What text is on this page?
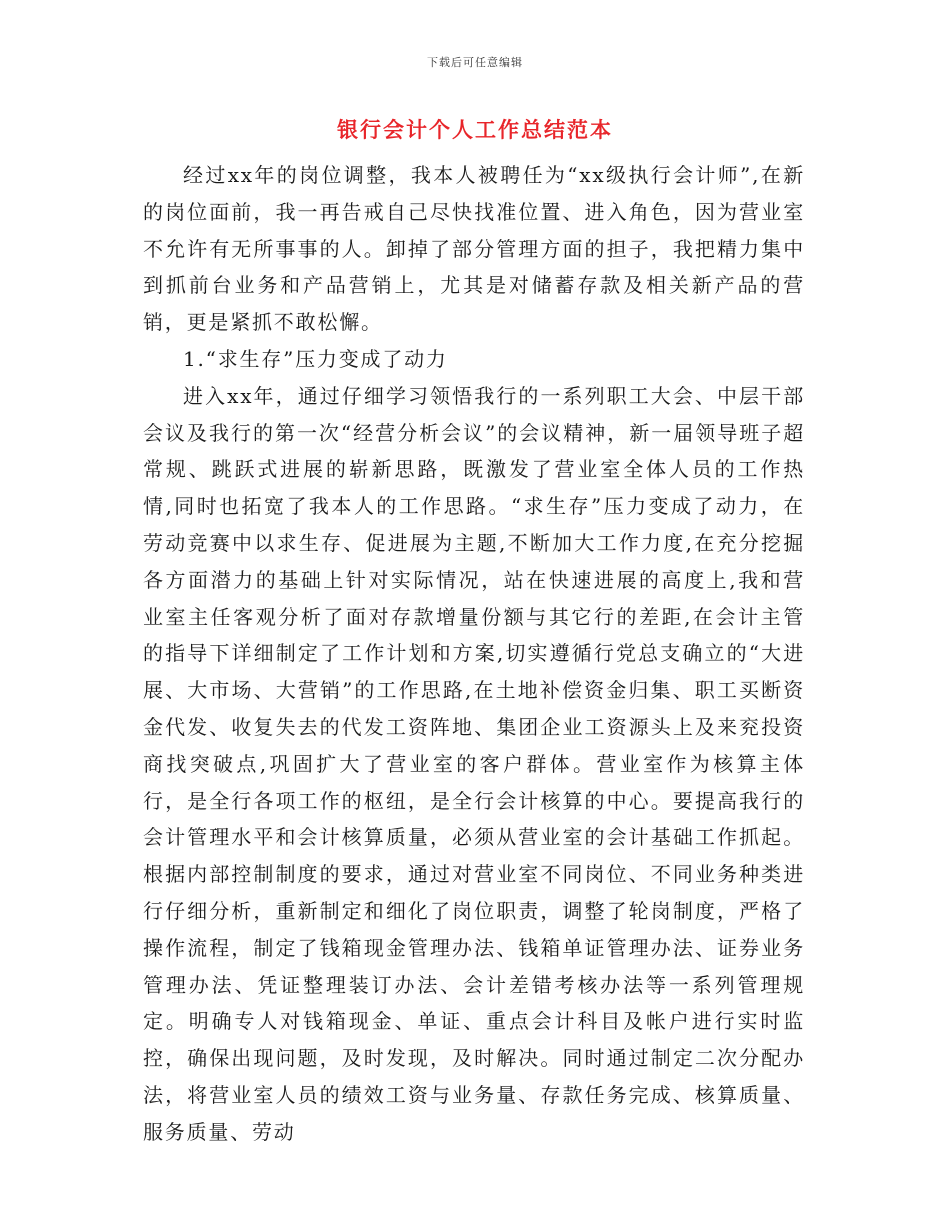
下载后可任意编辑
银行会计个人工作总结范本

经过xx年的岗位调整，我本人被聘任为“xx级执行会计师”,在新的岗位面前，我一再告戒自己尽快找准位置、进入角色，因为营业室不允许有无所事事的人。卸掉了部分管理方面的担子，我把精力集中到抓前台业务和产品营销上，尤其是对储蓄存款及相关新产品的营销，更是紧抓不敢松懈。

1.“求生存”压力变成了动力

进入xx年，通过仔细学习领悟我行的一系列职工大会、中层干部会议及我行的第一次“经营分析会议”的会议精神，新一届领导班子超常规、跳跃式进展的崭新思路，既激发了营业室全体人员的工作热情,同时也拓宽了我本人的工作思路。“求生存”压力变成了动力，在劳动竞赛中以求生存、促进展为主题,不断加大工作力度,在充分挖掘各方面潜力的基础上针对实际情况，站在快速进展的高度上,我和营业室主任客观分析了面对存款增量份额与其它行的差距,在会计主管的指导下详细制定了工作计划和方案,切实遵循行党总支确立的“大进展、大市场、大营销”的工作思路,在土地补偿资金归集、职工买断资金代发、收复失去的代发工资阵地、集团企业工资源头上及来兖投资商找突破点,巩固扩大了营业室的客户群体。营业室作为核算主体行，是全行各项工作的枢纽，是全行会计核算的中心。要提高我行的会计管理水平和会计核算质量，必须从营业室的会计基础工作抓起。根据内部控制制度的要求，通过对营业室不同岗位、不同业务种类进行仔细分析，重新制定和细化了岗位职责，调整了轮岗制度，严格了操作流程，制定了钱箱现金管理办法、钱箱单证管理办法、证券业务管理办法、凭证整理装订办法、会计差错考核办法等一系列管理规定。明确专人对钱箱现金、单证、重点会计科目及帐户进行实时监控，确保出现问题，及时发现，及时解决。同时通过制定二次分配办法，将营业室人员的绩效工资与业务量、存款任务完成、核算质量、服务质量、劳动
